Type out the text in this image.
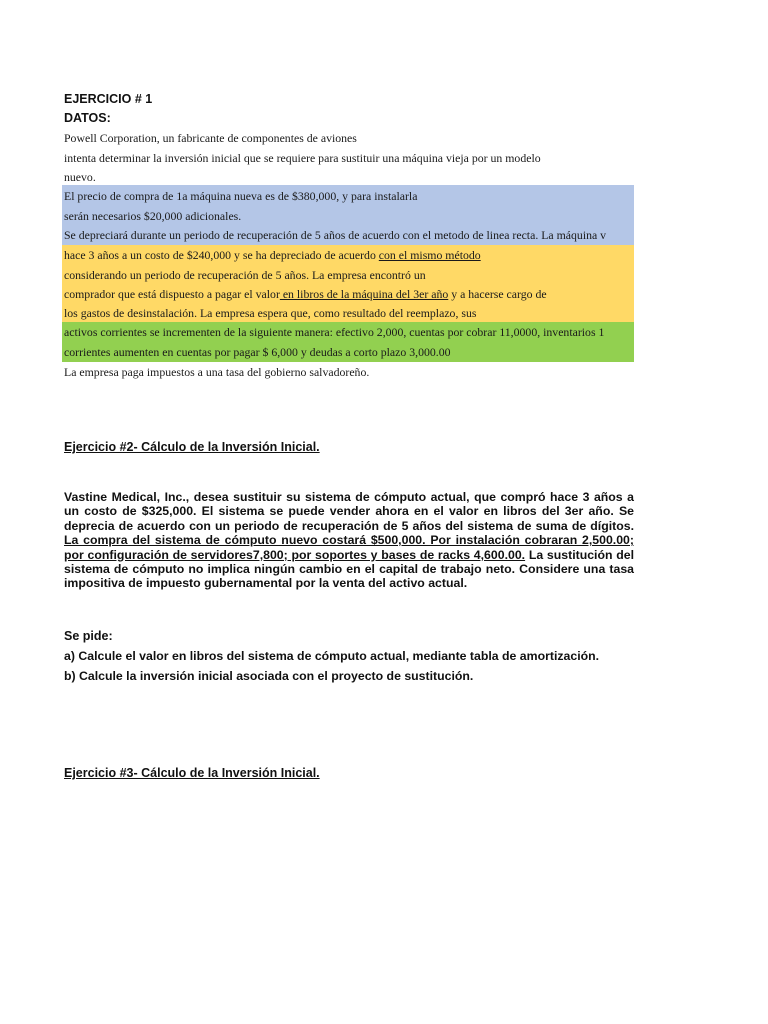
EJERCICIO # 1
DATOS:
Powell Corporation, un fabricante de componentes de aviones
intenta determinar la inversión inicial que se requiere para sustituir una máquina vieja por un modelo
nuevo.
El precio de compra de 1a máquina nueva es de $380,000, y para instalarla
serán necesarios $20,000 adicionales.
Se depreciará durante un periodo de recuperación de 5 años de acuerdo con el metodo de linea recta. La máquina v
hace 3 años a un costo de $240,000 y se ha depreciado de acuerdo con el mismo método
considerando un periodo de recuperación de 5 años. La empresa encontró un
comprador que está dispuesto a pagar el valor en libros de la máquina del 3er año y a hacerse cargo de
los gastos de desinstalación. La empresa espera que, como resultado del reemplazo, sus
activos corrientes se incrementen de la siguiente manera: efectivo 2,000, cuentas por cobrar 11,0000, inventarios 1
corrientes aumenten en cuentas por pagar $ 6,000 y deudas a corto plazo 3,000.00
La empresa paga impuestos a una tasa del gobierno salvadoreño.
Ejercicio #2- Cálculo de la Inversión Inicial.
Vastine Medical, Inc., desea sustituir su sistema de cómputo actual, que compró hace 3 años a un costo de $325,000. El sistema se puede vender ahora en el valor en libros del 3er año. Se deprecia de acuerdo con un periodo de recuperación de 5 años del sistema de suma de dígitos. La compra del sistema de cómputo nuevo costará $500,000. Por instalación cobraran 2,500.00; por configuración de servidores7,800; por soportes y bases de racks 4,600.00. La sustitución del sistema de cómputo no implica ningún cambio en el capital de trabajo neto. Considere una tasa impositiva de impuesto gubernamental por la venta del activo actual.
Se pide:
a) Calcule el valor en libros del sistema de cómputo actual, mediante tabla de amortización.
b) Calcule la inversión inicial asociada con el proyecto de sustitución.
Ejercicio #3- Cálculo de la Inversión Inicial.
